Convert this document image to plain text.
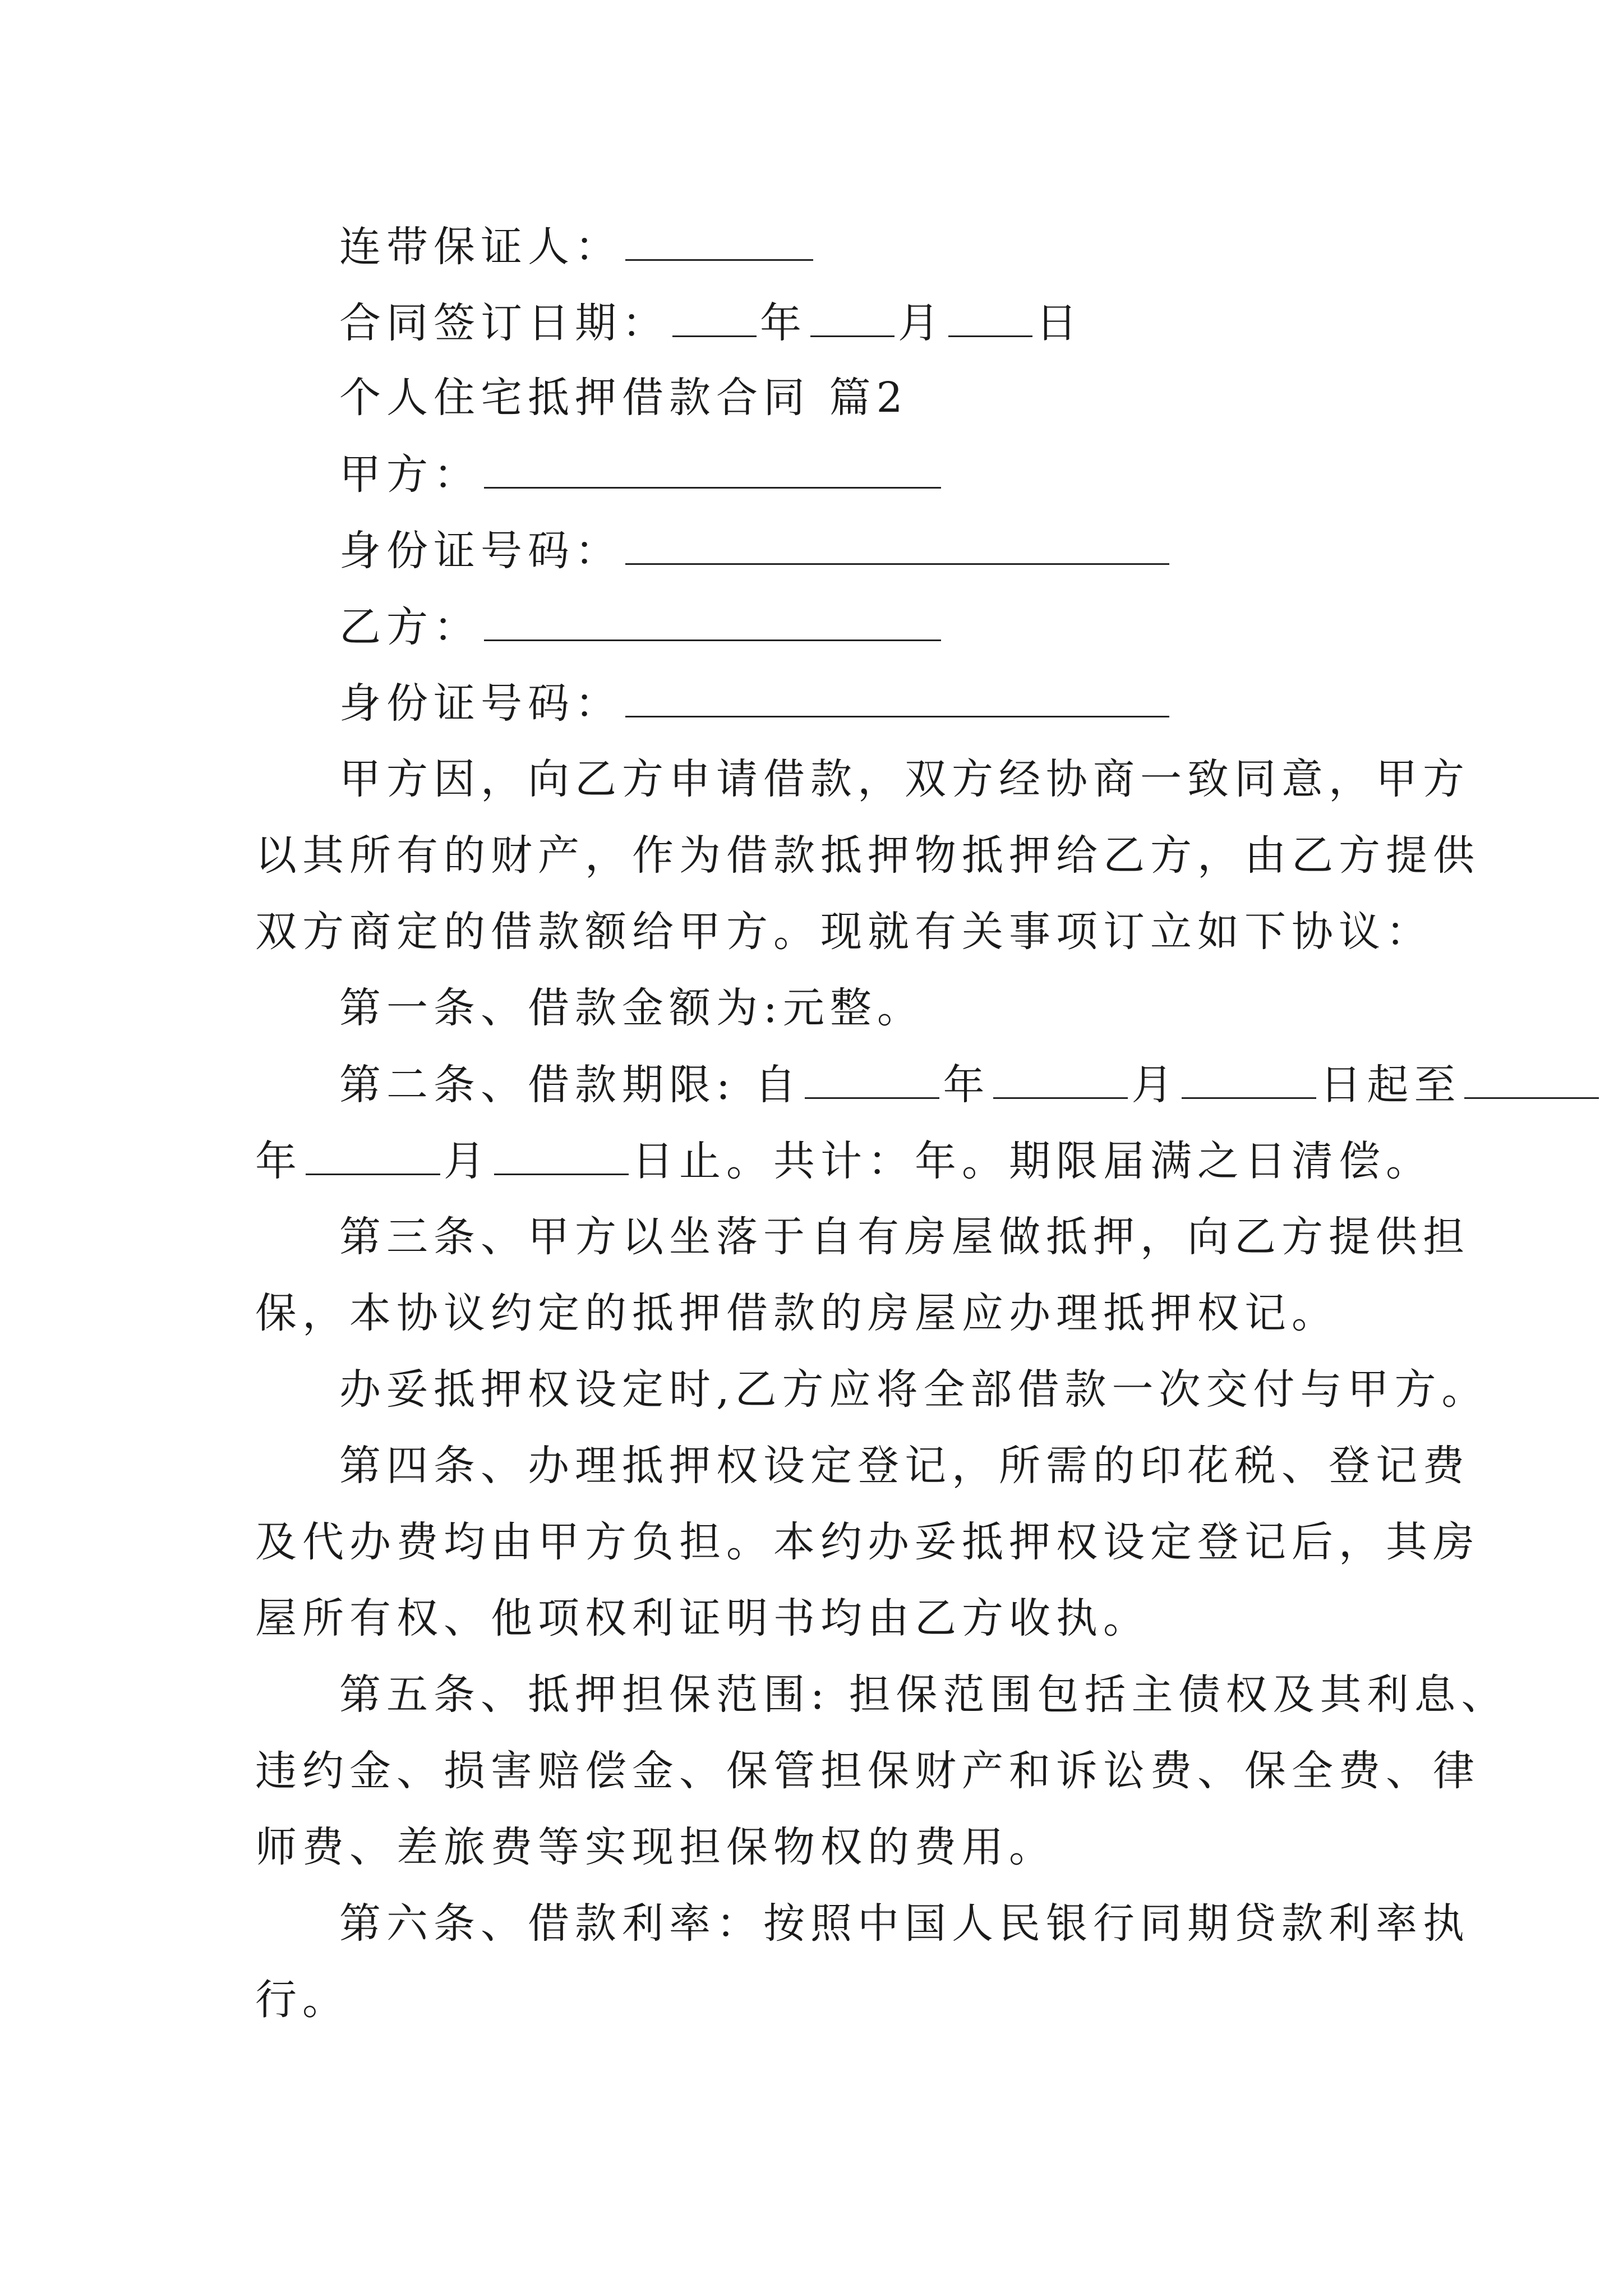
连带保证人：
合同签订日期： 年 月 日
个人住宅抵押借款合同 篇2
甲方：
身份证号码：
乙方：
身份证号码：
甲方因，向乙方申请借款，双方经协商一致同意，甲方
以其所有的财产，作为借款抵押物抵押给乙方，由乙方提供
双方商定的借款额给甲方。现就有关事项订立如下协议：
第一条、借款金额为:元整。
第二条、借款期限: 自	年	月	日起至
年	月	日止。共计：年。期限届满之日清偿。
第三条、甲方以坐落于自有房屋做抵押，向乙方提供担
保，本协议约定的抵押借款的房屋应办理抵押权记。
办妥抵押权设定时,乙方应将全部借款一次交付与甲方。
第四条、办理抵押权设定登记，所需的印花税、登记费
及代办费均由甲方负担。本约办妥抵押权设定登记后，其房
屋所有权、他项权利证明书均由乙方收执。
第五条、抵押担保范围: 担保范围包括主债权及其利息、
违约金、损害赔偿金、保管担保财产和诉讼费、保全费、律
师费、差旅费等实现担保物权的费用。
第六条、借款利率：按照中国人民银行同期贷款利率执
行。
